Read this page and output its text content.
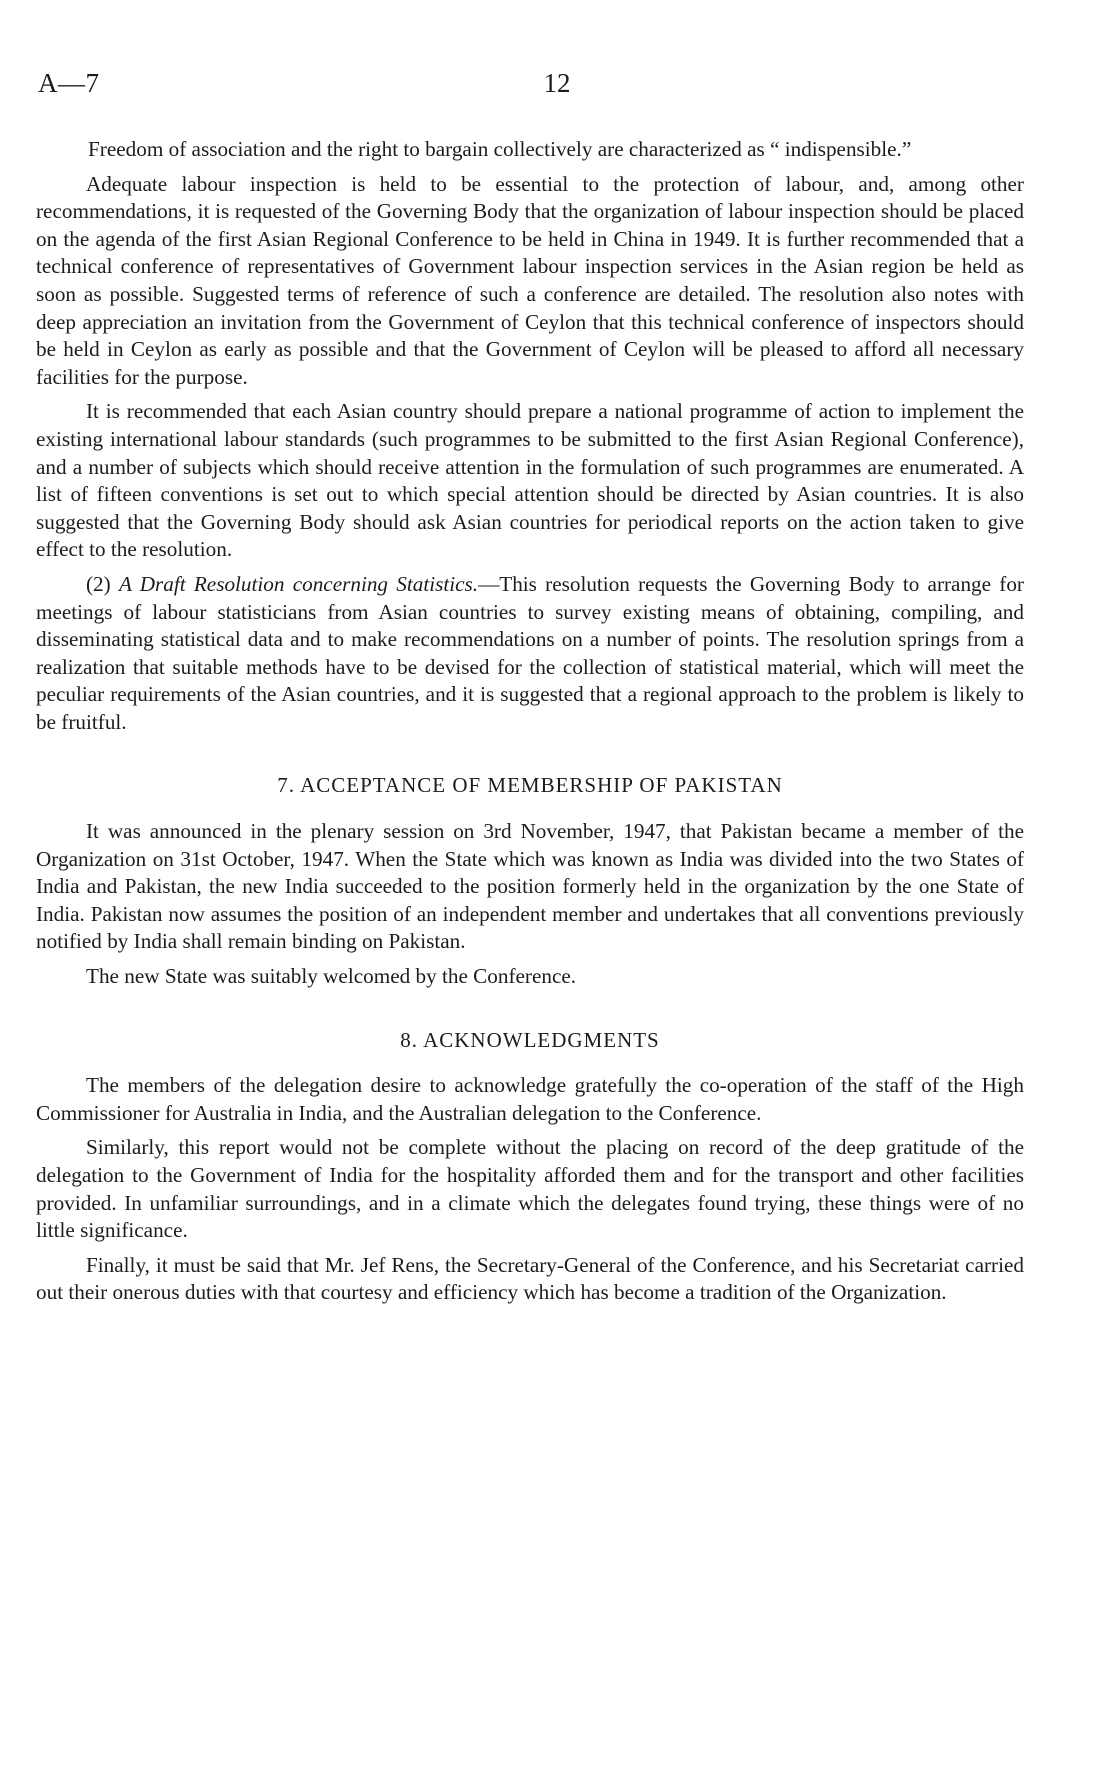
A—7	12

Freedom of association and the right to bargain collectively are characterized as “ indispensible.”

Adequate labour inspection is held to be essential to the protection of labour, and, among other recommendations, it is requested of the Governing Body that the organization of labour inspection should be placed on the agenda of the first Asian Regional Conference to be held in China in 1949. It is further recommended that a technical conference of representatives of Government labour inspection services in the Asian region be held as soon as possible. Suggested terms of reference of such a conference are detailed. The resolution also notes with deep appreciation an invitation from the Government of Ceylon that this technical conference of inspectors should be held in Ceylon as early as possible and that the Government of Ceylon will be pleased to afford all necessary facilities for the purpose.

It is recommended that each Asian country should prepare a national programme of action to implement the existing international labour standards (such programmes to be submitted to the first Asian Regional Conference), and a number of subjects which should receive attention in the formulation of such programmes are enumerated. A list of fifteen conventions is set out to which special attention should be directed by Asian countries. It is also suggested that the Governing Body should ask Asian countries for periodical reports on the action taken to give effect to the resolution.

(2) A Draft Resolution concerning Statistics.—This resolution requests the Governing Body to arrange for meetings of labour statisticians from Asian countries to survey existing means of obtaining, compiling, and disseminating statistical data and to make recommendations on a number of points. The resolution springs from a realization that suitable methods have to be devised for the collection of statistical material, which will meet the peculiar requirements of the Asian countries, and it is suggested that a regional approach to the problem is likely to be fruitful.

7. ACCEPTANCE OF MEMBERSHIP OF PAKISTAN

It was announced in the plenary session on 3rd November, 1947, that Pakistan became a member of the Organization on 31st October, 1947. When the State which was known as India was divided into the two States of India and Pakistan, the new India succeeded to the position formerly held in the organization by the one State of India. Pakistan now assumes the position of an independent member and undertakes that all conventions previously notified by India shall remain binding on Pakistan.

The new State was suitably welcomed by the Conference.

8. ACKNOWLEDGMENTS

The members of the delegation desire to acknowledge gratefully the co-operation of the staff of the High Commissioner for Australia in India, and the Australian delegation to the Conference.

Similarly, this report would not be complete without the placing on record of the deep gratitude of the delegation to the Government of India for the hospitality afforded them and for the transport and other facilities provided. In unfamiliar surroundings, and in a climate which the delegates found trying, these things were of no little significance.

Finally, it must be said that Mr. Jef Rens, the Secretary-General of the Conference, and his Secretariat carried out their onerous duties with that courtesy and efficiency which has become a tradition of the Organization.
